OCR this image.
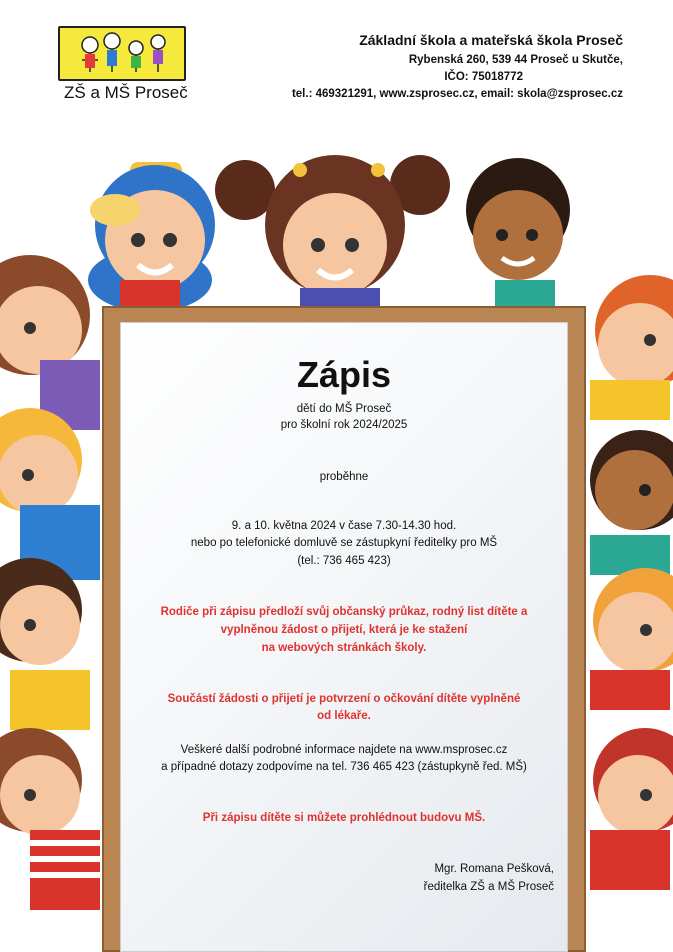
ZŠ a MŠ Proseč
Základní škola a mateřská škola Proseč
Rybenská 260, 539 44 Proseč u Skutče,
IČO: 75018772
tel.: 469321291, www.zsprosec.cz, email: skola@zsprosec.cz
Zápis
dětí do MŠ Proseč
pro školní rok 2024/2025
proběhne
9. a 10. května 2024 v čase 7.30-14.30 hod.
nebo po telefonické domluvě se zástupkyní ředitelky pro MŠ
(tel.: 736 465 423)
Rodiče při zápisu předloží svůj občanský průkaz, rodný list dítěte a
vyplněnou žádost o přijetí, která je ke stažení
na webových stránkách školy.
Součástí žádosti o přijetí je potvrzení o očkování dítěte vyplněné
od lékaře.
Veškeré další podrobné informace najdete na www.msprosec.cz
a případné dotazy zodpovíme na tel. 736 465 423 (zástupkyně řed. MŠ)
Při zápisu dítěte si můžete prohlédnout budovu MŠ.
Mgr. Romana Pešková,
ředitelka ZŠ a MŠ Proseč
